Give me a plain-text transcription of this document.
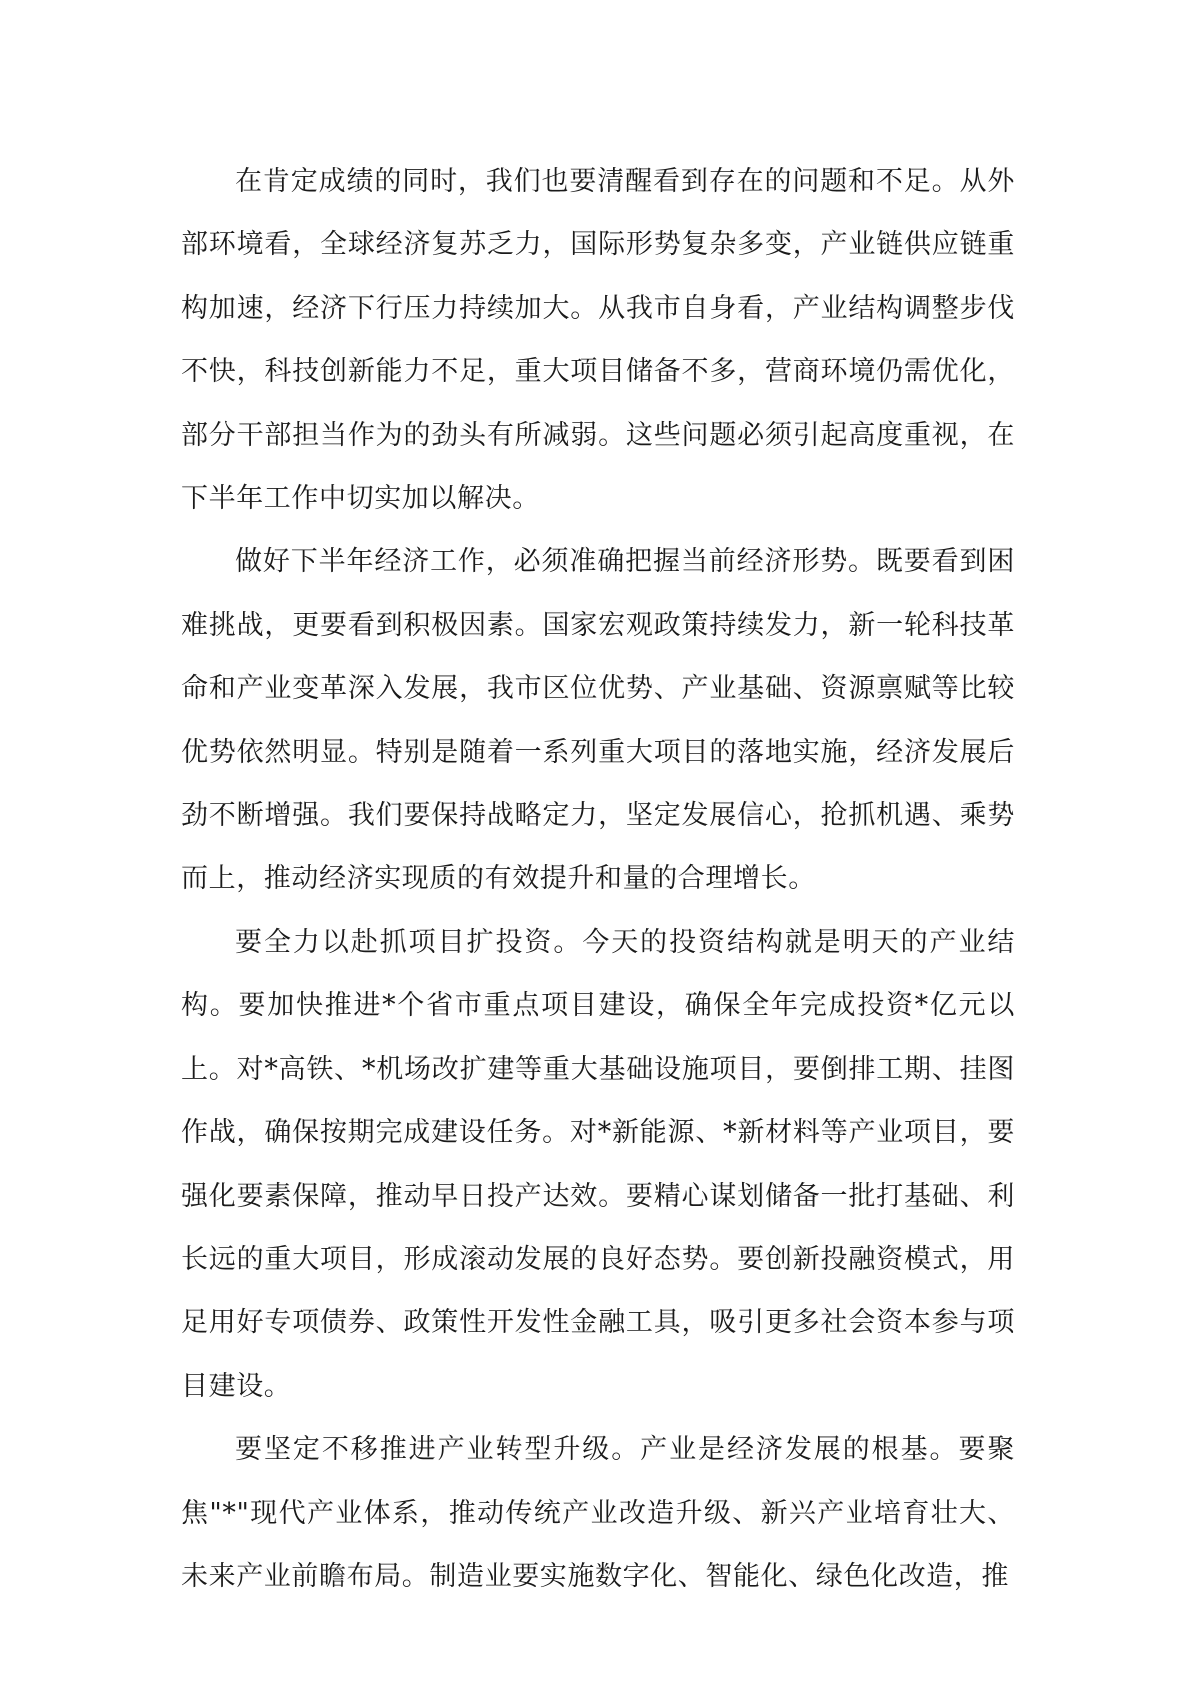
在肯定成绩的同时，我们也要清醒看到存在的问题和不足。从外部环境看，全球经济复苏乏力，国际形势复杂多变，产业链供应链重构加速，经济下行压力持续加大。从我市自身看，产业结构调整步伐不快，科技创新能力不足，重大项目储备不多，营商环境仍需优化，部分干部担当作为的劲头有所减弱。这些问题必须引起高度重视，在下半年工作中切实加以解决。

做好下半年经济工作，必须准确把握当前经济形势。既要看到困难挑战，更要看到积极因素。国家宏观政策持续发力，新一轮科技革命和产业变革深入发展，我市区位优势、产业基础、资源禀赋等比较优势依然明显。特别是随着一系列重大项目的落地实施，经济发展后劲不断增强。我们要保持战略定力，坚定发展信心，抢抓机遇、乘势而上，推动经济实现质的有效提升和量的合理增长。

要全力以赴抓项目扩投资。今天的投资结构就是明天的产业结构。要加快推进*个省市重点项目建设，确保全年完成投资*亿元以上。对*高铁、*机场改扩建等重大基础设施项目，要倒排工期、挂图作战，确保按期完成建设任务。对*新能源、*新材料等产业项目，要强化要素保障，推动早日投产达效。要精心谋划储备一批打基础、利长远的重大项目，形成滚动发展的良好态势。要创新投融资模式，用足用好专项债券、政策性开发性金融工具，吸引更多社会资本参与项目建设。

要坚定不移推进产业转型升级。产业是经济发展的根基。要聚焦"*"现代产业体系，推动传统产业改造升级、新兴产业培育壮大、未来产业前瞻布局。制造业要实施数字化、智能化、绿色化改造，推
